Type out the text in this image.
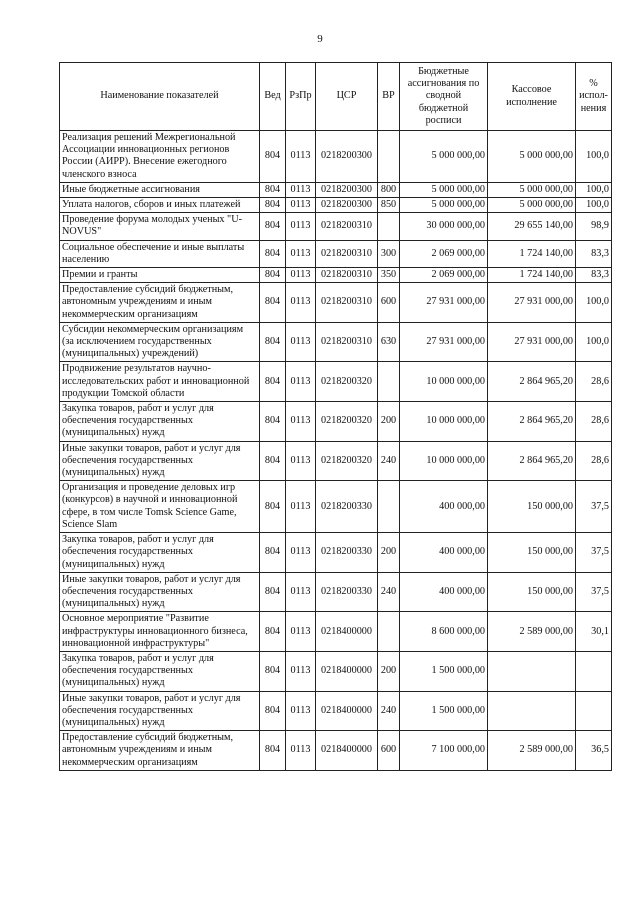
9
Наименование показателей	Вед	РзПр	ЦСР	ВР	Бюджетные ассигнования по сводной бюджетной росписи	Кассовое исполнение	% испол- нения
Реализация решений Межрегиональной Ассоциации инновационных регионов России (АИРР). Внесение ежегодного членского взноса	804	0113	0218200300		5 000 000,00	5 000 000,00	100,0
Иные бюджетные ассигнования	804	0113	0218200300	800	5 000 000,00	5 000 000,00	100,0
Уплата налогов, сборов и иных платежей	804	0113	0218200300	850	5 000 000,00	5 000 000,00	100,0
Проведение форума молодых ученых "U-NOVUS"	804	0113	0218200310		30 000 000,00	29 655 140,00	98,9
Социальное обеспечение и иные выплаты населению	804	0113	0218200310	300	2 069 000,00	1 724 140,00	83,3
Премии и гранты	804	0113	0218200310	350	2 069 000,00	1 724 140,00	83,3
Предоставление субсидий бюджетным, автономным учреждениям и иным некоммерческим организациям	804	0113	0218200310	600	27 931 000,00	27 931 000,00	100,0
Субсидии некоммерческим организациям (за исключением государственных (муниципальных) учреждений)	804	0113	0218200310	630	27 931 000,00	27 931 000,00	100,0
Продвижение результатов научно-исследовательских работ и инновационной продукции Томской области	804	0113	0218200320		10 000 000,00	2 864 965,20	28,6
Закупка товаров, работ и услуг для обеспечения государственных (муниципальных) нужд	804	0113	0218200320	200	10 000 000,00	2 864 965,20	28,6
Иные закупки товаров, работ и услуг для обеспечения государственных (муниципальных) нужд	804	0113	0218200320	240	10 000 000,00	2 864 965,20	28,6
Организация и проведение деловых игр (конкурсов) в научной и инновационной сфере, в том числе Tomsk Science Game, Science Slam	804	0113	0218200330		400 000,00	150 000,00	37,5
Закупка товаров, работ и услуг для обеспечения государственных (муниципальных) нужд	804	0113	0218200330	200	400 000,00	150 000,00	37,5
Иные закупки товаров, работ и услуг для обеспечения государственных (муниципальных) нужд	804	0113	0218200330	240	400 000,00	150 000,00	37,5
Основное мероприятие "Развитие инфраструктуры инновационного бизнеса, инновационной инфраструктуры"	804	0113	0218400000		8 600 000,00	2 589 000,00	30,1
Закупка товаров, работ и услуг для обеспечения государственных (муниципальных) нужд	804	0113	0218400000	200	1 500 000,00		
Иные закупки товаров, работ и услуг для обеспечения государственных (муниципальных) нужд	804	0113	0218400000	240	1 500 000,00		
Предоставление субсидий бюджетным, автономным учреждениям и иным некоммерческим организациям	804	0113	0218400000	600	7 100 000,00	2 589 000,00	36,5
